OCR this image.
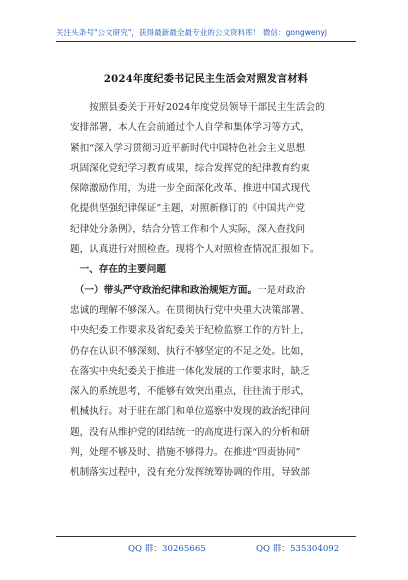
关注头条号"公文研究"，获得最新最全最专业的公文资料库！ 微信：gongwenyj
2024年度纪委书记民主生活会对照发言材料
　　按照县委关于开好2024年度党员领导干部民主生活会的
安排部署，本人在会前通过个人自学和集体学习等方式，
紧扣“深入学习贯彻习近平新时代中国特色社会主义思想
巩固深化党纪学习教育成果，综合发挥党的纪律教育约束
保障激励作用，为进一步全面深化改革、推进中国式现代
化提供坚强纪律保证”主题，对照新修订的《中国共产党
纪律处分条例》，结合分管工作和个人实际，深入查找问
题，认真进行对照检查。现将个人对照检查情况汇报如下。
　一、存在的主要问题
　（一）带头严守政治纪律和政治规矩方面。一是对政治
忠诚的理解不够深入。在贯彻执行党中央重大决策部署、
中央纪委工作要求及省纪委关于纪检监察工作的方针上，
仍存在认识不够深刻、执行不够坚定的不足之处。比如，
在落实中央纪委关于推进一体化发展的工作要求时，缺乏
深入的系统思考，不能够有效突出重点，往往流于形式，
机械执行。对于驻在部门和单位巡察中发现的政治纪律问
题，没有从维护党的团结统一的高度进行深入的分析和研
判，处理不够及时、措施不够得力。在推进“四责协同”
机制落实过程中，没有充分发挥统筹协调的作用，导致部
QQ 群：30265665	QQ 群：535304092
